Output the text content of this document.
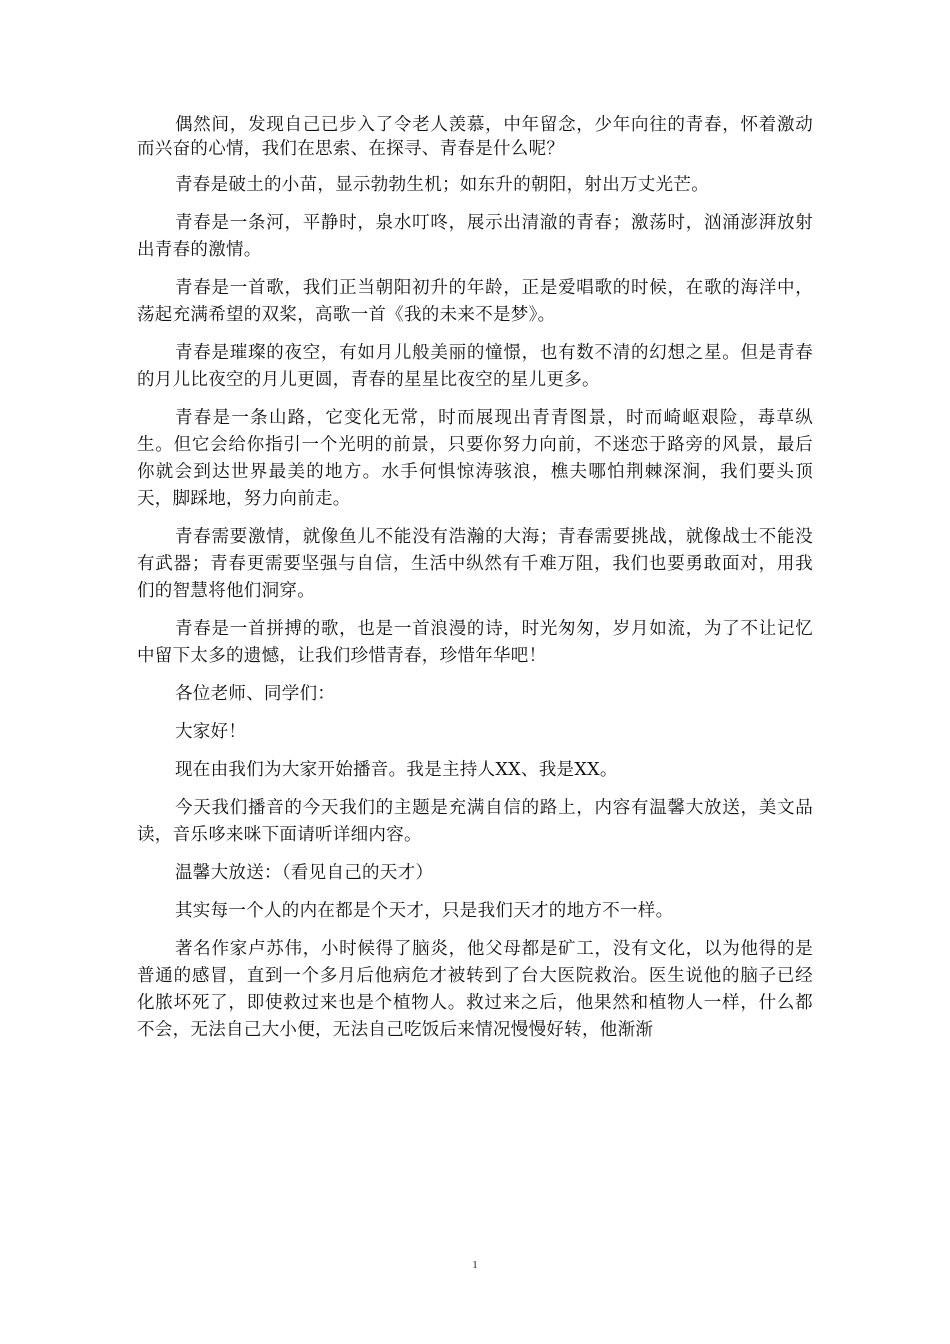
偶然间，发现自己已步入了令老人羡慕，中年留念，少年向往的青春，怀着激动而兴奋的心情，我们在思索、在探寻、青春是什么呢？

青春是破土的小苗，显示勃勃生机；如东升的朝阳，射出万丈光芒。

青春是一条河，平静时，泉水叮咚，展示出清澈的青春；激荡时，汹涌澎湃放射出青春的激情。

青春是一首歌，我们正当朝阳初升的年龄，正是爱唱歌的时候，在歌的海洋中，荡起充满希望的双桨，高歌一首《我的未来不是梦》。

青春是璀璨的夜空，有如月儿般美丽的憧憬，也有数不清的幻想之星。但是青春的月儿比夜空的月儿更圆，青春的星星比夜空的星儿更多。

青春是一条山路，它变化无常，时而展现出青青图景，时而崎岖艰险，毒草纵生。但它会给你指引一个光明的前景，只要你努力向前，不迷恋于路旁的风景，最后你就会到达世界最美的地方。水手何惧惊涛骇浪，樵夫哪怕荆棘深涧，我们要头顶天，脚踩地，努力向前走。

青春需要激情，就像鱼儿不能没有浩瀚的大海；青春需要挑战，就像战士不能没有武器；青春更需要坚强与自信，生活中纵然有千难万阻，我们也要勇敢面对，用我们的智慧将他们洞穿。

青春是一首拼搏的歌，也是一首浪漫的诗，时光匆匆，岁月如流，为了不让记忆中留下太多的遗憾，让我们珍惜青春，珍惜年华吧！

各位老师、同学们：

大家好！

现在由我们为大家开始播音。我是主持人XX、我是XX。

今天我们播音的今天我们的主题是充满自信的路上，内容有温馨大放送，美文品读，音乐哆来咪下面请听详细内容。

温馨大放送：（看见自己的天才）

其实每一个人的内在都是个天才，只是我们天才的地方不一样。

著名作家卢苏伟，小时候得了脑炎，他父母都是矿工，没有文化，以为他得的是普通的感冒，直到一个多月后他病危才被转到了台大医院救治。医生说他的脑子已经化脓坏死了，即使救过来也是个植物人。救过来之后，他果然和植物人一样，什么都不会，无法自己大小便，无法自己吃饭后来情况慢慢好转，他渐渐

1
